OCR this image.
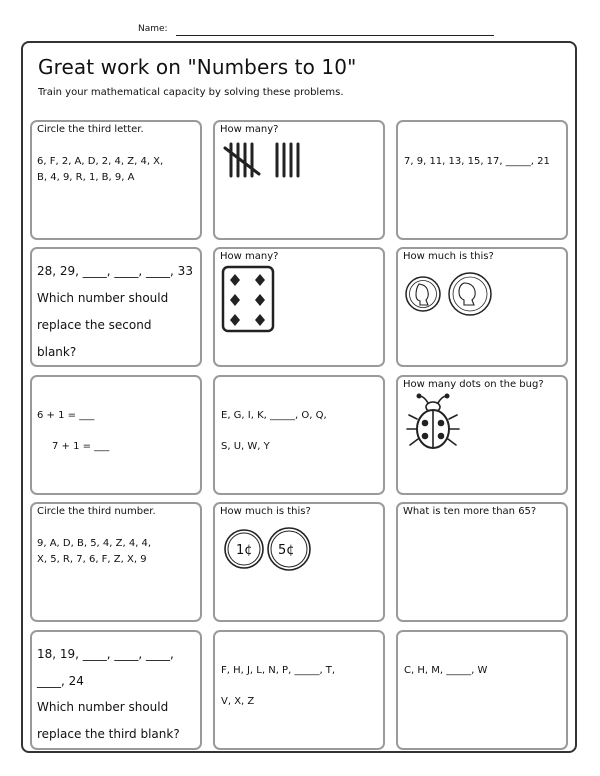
Name:
Great work on "Numbers to 10"
Train your mathematical capacity by solving these problems.
Circle the third letter.
6, F, 2, A, D, 2, 4, Z, 4, X,
B, 4, 9, R, 1, B, 9, A
How many?
7, 9, 11, 13, 15, 17, _____, 21
28, 29, ____, ____, ____, 33
Which number should
replace the second
blank?
How many?	How much is this?
6 + 1 = ___
7 + 1 = ___
E, G, I, K, _____, O, Q,
S, U, W, Y
How many dots on the bug?
Circle the third number.
9, A, D, B, 5, 4, Z, 4, 4,
X, 5, R, 7, 6, F, Z, X, 9
How much is this?
1¢ 5¢
What is ten more than 65?
18, 19, ____, ____, ____,
____, 24
Which number should
replace the third blank?
F, H, J, L, N, P, _____, T,
V, X, Z
C, H, M, _____, W
